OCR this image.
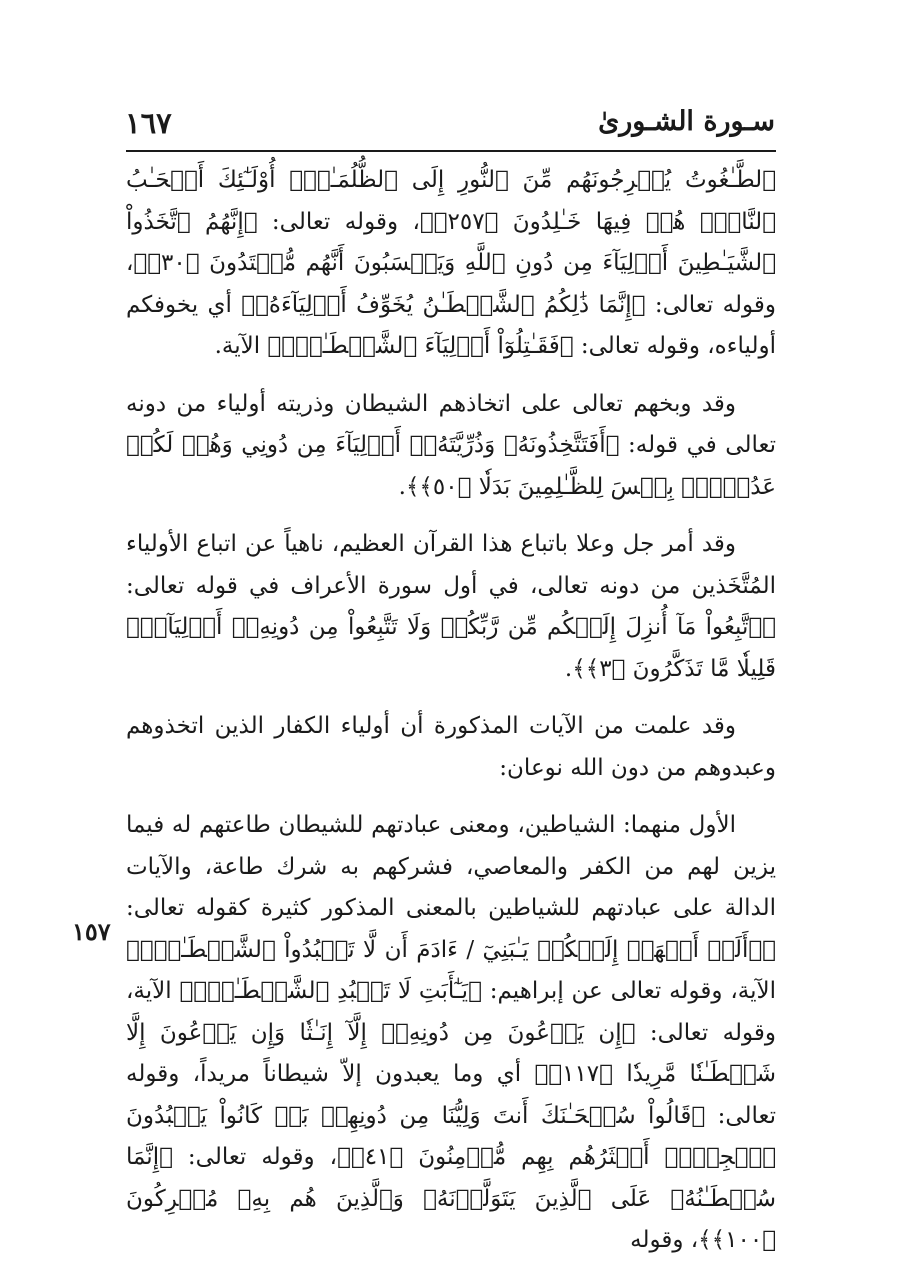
سـورة الشـورىٰ
١٦٧
١٥٧

ٱلطَّـٰغُوتُ يُخۡرِجُونَهُم مِّنَ ٱلنُّورِ إِلَى ٱلظُّلُمَـٰتِۗ أُوْلَـٰٓئِكَ أَصۡحَـٰبُ ٱلنَّارِۖ هُمۡ فِيهَا خَـٰلِدُونَ ﴿٢٥٧﴾﴾، وقوله تعالى: ﴿إِنَّهُمُ ٱتَّخَذُواْ ٱلشَّيَـٰطِينَ أَوۡلِيَآءَ مِن دُونِ ٱللَّهِ وَيَحۡسَبُونَ أَنَّهُم مُّهۡتَدُونَ ﴿٣٠﴾﴾، وقوله تعالى: ﴿إِنَّمَا ذَٰلِكُمُ ٱلشَّيۡطَـٰنُ يُخَوِّفُ أَوۡلِيَآءَهُۥ﴾ أي يخوفكم أولياءه، وقوله تعالى: ﴿فَقَـٰتِلُوٓاْ أَوۡلِيَآءَ ٱلشَّيۡطَـٰنِۖ﴾ الآية.

وقد وبخهم تعالى على اتخاذهم الشيطان وذريته أولياء من دونه تعالى في قوله: ﴿أَفَتَتَّخِذُونَهُۥ وَذُرِّيَّتَهُۥٓ أَوۡلِيَآءَ مِن دُونِي وَهُمۡ لَكُمۡ عَدُوُّۢۚ بِئۡسَ لِلظَّـٰلِمِينَ بَدَلٗا ﴿٥٠﴾﴾.

وقد أمر جل وعلا باتباع هذا القرآن العظيم، ناهياً عن اتباع الأولياء المُتَّخَذين من دونه تعالى، في أول سورة الأعراف في قوله تعالى: ﴿ٱتَّبِعُواْ مَآ أُنزِلَ إِلَيۡكُم مِّن رَّبِّكُمۡ وَلَا تَتَّبِعُواْ مِن دُونِهِۦٓ أَوۡلِيَآءَۗ قَلِيلٗا مَّا تَذَكَّرُونَ ﴿٣﴾﴾.

وقد علمت من الآيات المذكورة أن أولياء الكفار الذين اتخذوهم وعبدوهم من دون الله نوعان:

الأول منهما: الشياطين، ومعنى عبادتهم للشيطان طاعتهم له فيما يزين لهم من الكفر والمعاصي، فشركهم به شرك طاعة، والآيات الدالة على عبادتهم للشياطين بالمعنى المذكور كثيرة كقوله تعالى: ﴿۞أَلَمۡ أَعۡهَدۡ إِلَيۡكُمۡ يَـٰبَنِيٓ / ءَادَمَ أَن لَّا تَعۡبُدُواْ ٱلشَّيۡطَـٰنَۖ﴾ الآية، وقوله تعالى عن إبراهيم: ﴿يَـٰٓأَبَتِ لَا تَعۡبُدِ ٱلشَّيۡطَـٰنَۖ﴾ الآية، وقوله تعالى: ﴿إِن يَدۡعُونَ مِن دُونِهِۦٓ إِلَّآ إِنَـٰثٗا وَإِن يَدۡعُونَ إِلَّا شَيۡطَـٰنٗا مَّرِيدٗا ﴿١١٧﴾﴾ أي وما يعبدون إلاّ شيطاناً مريداً، وقوله تعالى: ﴿قَالُواْ سُبۡحَـٰنَكَ أَنتَ وَلِيُّنَا مِن دُونِهِمۖ بَلۡ كَانُواْ يَعۡبُدُونَ ٱلۡجِنَّۖ أَكۡثَرُهُم بِهِم مُّؤۡمِنُونَ ﴿٤١﴾﴾، وقوله تعالى: ﴿إِنَّمَا سُلۡطَـٰنُهُۥ عَلَى ٱلَّذِينَ يَتَوَلَّوۡنَهُۥ وَٱلَّذِينَ هُم بِهِۦ مُشۡرِكُونَ ﴿١٠٠﴾﴾، وقوله
